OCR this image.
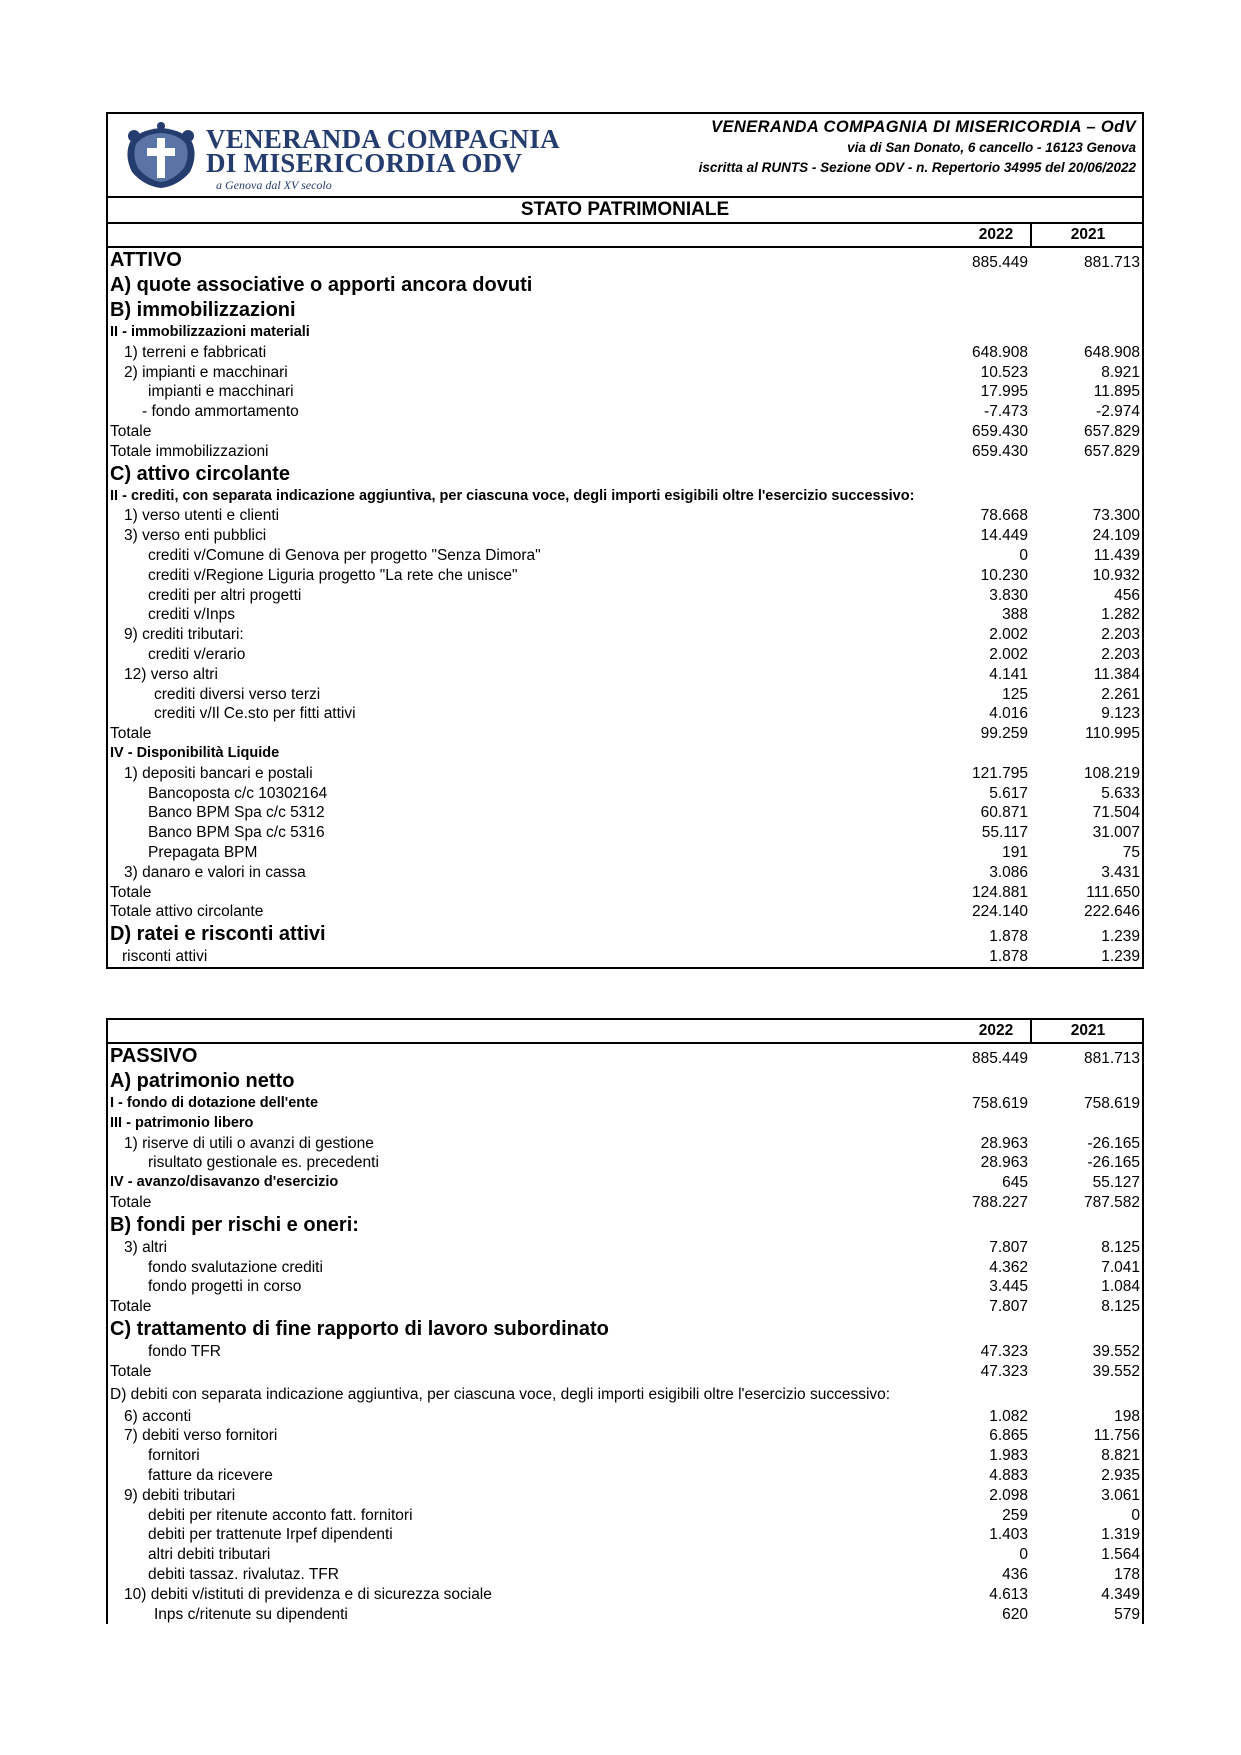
VENERANDA COMPAGNIA
DI MISERICORDIA ODV
a Genova dal XV secolo
VENERANDA COMPAGNIA DI MISERICORDIA – OdV
via di San Donato, 6 cancello - 16123 Genova
iscritta al RUNTS - Sezione ODV - n. Repertorio 34995 del 20/06/2022
STATO PATRIMONIALE
2022	2021
ATTIVO	885.449	881.713
A) quote associative o apporti ancora dovuti		
B) immobilizzazioni		
II - immobilizzazioni materiali		
1) terreni e fabbricati	648.908	648.908
2) impianti e macchinari	10.523	8.921
impianti e macchinari	17.995	11.895
- fondo ammortamento	-7.473	-2.974
Totale	659.430	657.829
Totale immobilizzazioni	659.430	657.829
C) attivo circolante		
II - crediti, con separata indicazione aggiuntiva, per ciascuna voce, degli importi esigibili oltre l'esercizio successivo:		
1) verso utenti e clienti	78.668	73.300
3) verso enti pubblici	14.449	24.109
crediti v/Comune di Genova per progetto "Senza Dimora"	0	11.439
crediti v/Regione Liguria progetto "La rete che unisce"	10.230	10.932
crediti per altri progetti	3.830	456
crediti v/Inps	388	1.282
9) crediti tributari:	2.002	2.203
crediti v/erario	2.002	2.203
12) verso altri	4.141	11.384
crediti diversi verso terzi	125	2.261
crediti v/Il Ce.sto per fitti attivi	4.016	9.123
Totale	99.259	110.995
IV - Disponibilità Liquide		
1) depositi bancari e postali	121.795	108.219
Bancoposta c/c 10302164	5.617	5.633
Banco BPM Spa c/c 5312	60.871	71.504
Banco BPM Spa c/c 5316	55.117	31.007
Prepagata BPM	191	75
3) danaro e valori in cassa	3.086	3.431
Totale	124.881	111.650
Totale attivo circolante	224.140	222.646
D) ratei e risconti attivi	1.878	1.239
risconti attivi	1.878	1.239
2022	2021
PASSIVO	885.449	881.713
A) patrimonio netto		
I - fondo di dotazione dell'ente	758.619	758.619
III - patrimonio libero		
1) riserve di utili o avanzi di gestione	28.963	-26.165
risultato gestionale es. precedenti	28.963	-26.165
IV - avanzo/disavanzo d'esercizio	645	55.127
Totale	788.227	787.582
B) fondi per rischi e oneri:		
3) altri	7.807	8.125
fondo svalutazione crediti	4.362	7.041
fondo progetti in corso	3.445	1.084
Totale	7.807	8.125
C) trattamento di fine rapporto di lavoro subordinato		
fondo TFR	47.323	39.552
Totale	47.323	39.552
D) debiti con separata indicazione aggiuntiva, per ciascuna voce, degli importi esigibili oltre l'esercizio successivo:		
6) acconti	1.082	198
7) debiti verso fornitori	6.865	11.756
fornitori	1.983	8.821
fatture da ricevere	4.883	2.935
9) debiti tributari	2.098	3.061
debiti per ritenute acconto fatt. fornitori	259	0
debiti per trattenute Irpef dipendenti	1.403	1.319
altri debiti tributari	0	1.564
debiti tassaz. rivalutaz. TFR	436	178
10) debiti v/istituti di previdenza e di sicurezza sociale	4.613	4.349
Inps c/ritenute su dipendenti	620	579
